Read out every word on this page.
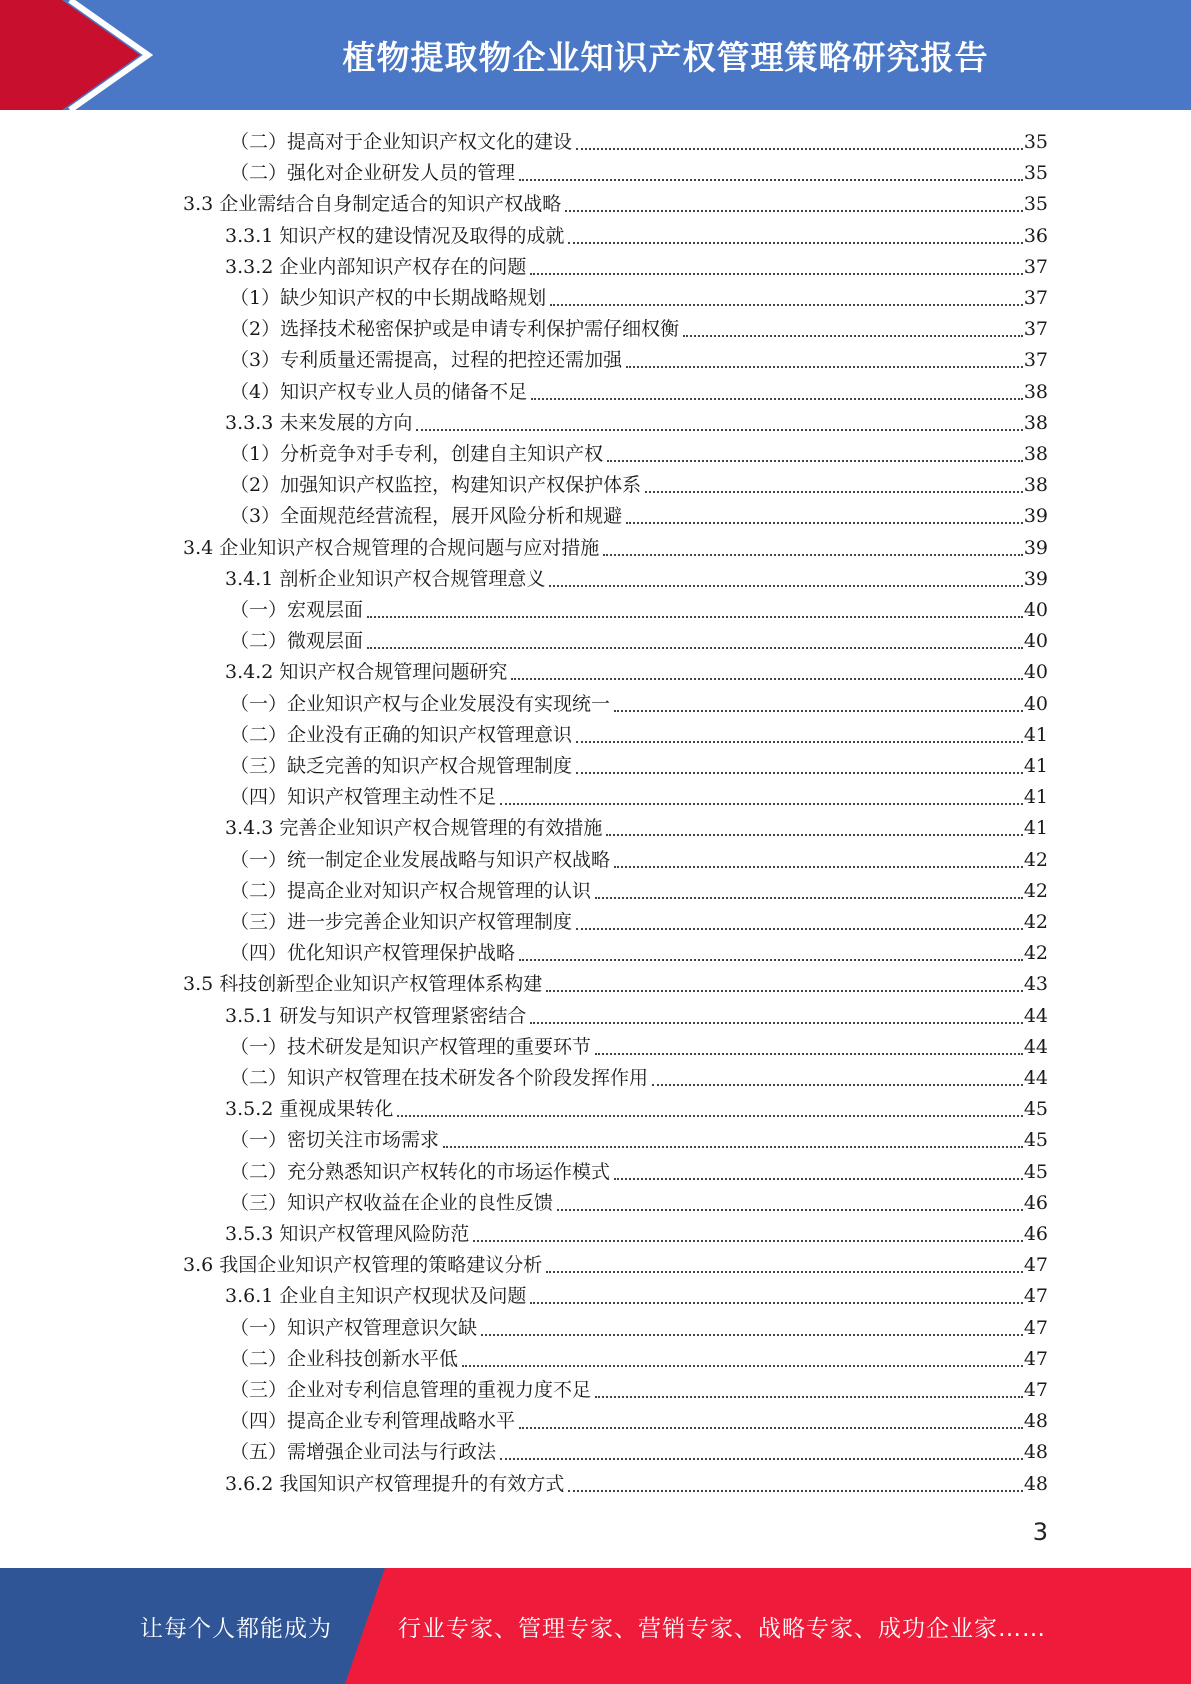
植物提取物企业知识产权管理策略研究报告
（二）提高对于企业知识产权文化的建设	35
（二）强化对企业研发人员的管理	35
3.3 企业需结合自身制定适合的知识产权战略	35
3.3.1 知识产权的建设情况及取得的成就	36
3.3.2 企业内部知识产权存在的问题	37
（1）缺少知识产权的中长期战略规划	37
（2）选择技术秘密保护或是申请专利保护需仔细权衡	37
（3）专利质量还需提高，过程的把控还需加强	37
（4）知识产权专业人员的储备不足	38
3.3.3 未来发展的方向	38
（1）分析竞争对手专利，创建自主知识产权	38
（2）加强知识产权监控，构建知识产权保护体系	38
（3）全面规范经营流程，展开风险分析和规避	39
3.4 企业知识产权合规管理的合规问题与应对措施	39
3.4.1 剖析企业知识产权合规管理意义	39
（一）宏观层面	40
（二）微观层面	40
3.4.2 知识产权合规管理问题研究	40
（一）企业知识产权与企业发展没有实现统一	40
（二）企业没有正确的知识产权管理意识	41
（三）缺乏完善的知识产权合规管理制度	41
（四）知识产权管理主动性不足	41
3.4.3 完善企业知识产权合规管理的有效措施	41
（一）统一制定企业发展战略与知识产权战略	42
（二）提高企业对知识产权合规管理的认识	42
（三）进一步完善企业知识产权管理制度	42
（四）优化知识产权管理保护战略	42
3.5 科技创新型企业知识产权管理体系构建	43
3.5.1 研发与知识产权管理紧密结合	44
（一）技术研发是知识产权管理的重要环节	44
（二）知识产权管理在技术研发各个阶段发挥作用	44
3.5.2 重视成果转化	45
（一）密切关注市场需求	45
（二）充分熟悉知识产权转化的市场运作模式	45
（三）知识产权收益在企业的良性反馈	46
3.5.3 知识产权管理风险防范	46
3.6 我国企业知识产权管理的策略建议分析	47
3.6.1 企业自主知识产权现状及问题	47
（一）知识产权管理意识欠缺	47
（二）企业科技创新水平低	47
（三）企业对专利信息管理的重视力度不足	47
（四）提高企业专利管理战略水平	48
（五）需增强企业司法与行政法	48
3.6.2 我国知识产权管理提升的有效方式	48
3
让每个人都能成为	行业专家、管理专家、营销专家、战略专家、成功企业家……
